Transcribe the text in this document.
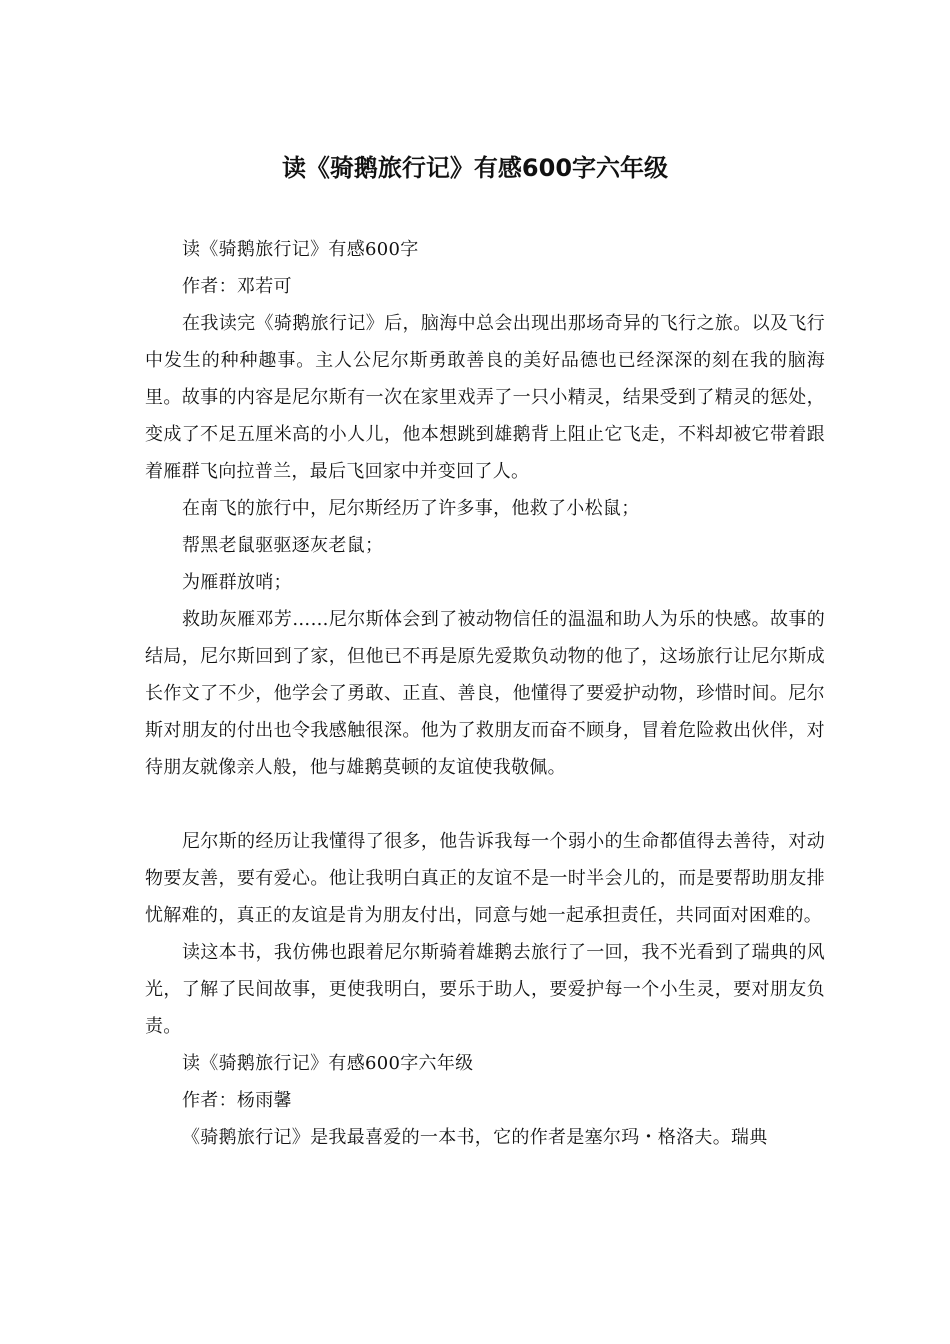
读《骑鹅旅行记》有感600字六年级

读《骑鹅旅行记》有感600字

作者：邓若可

在我读完《骑鹅旅行记》后，脑海中总会出现出那场奇异的飞行之旅。以及飞行中发生的种种趣事。主人公尼尔斯勇敢善良的美好品德也已经深深的刻在我的脑海里。故事的内容是尼尔斯有一次在家里戏弄了一只小精灵，结果受到了精灵的惩处，变成了不足五厘米高的小人儿，他本想跳到雄鹅背上阻止它飞走，不料却被它带着跟着雁群飞向拉普兰，最后飞回家中并变回了人。

在南飞的旅行中，尼尔斯经历了许多事，他救了小松鼠；

帮黑老鼠驱驱逐灰老鼠；

为雁群放哨；

救助灰雁邓芳……尼尔斯体会到了被动物信任的温温和助人为乐的快感。故事的结局，尼尔斯回到了家，但他已不再是原先爱欺负动物的他了，这场旅行让尼尔斯成长作文了不少，他学会了勇敢、正直、善良，他懂得了要爱护动物，珍惜时间。尼尔斯对朋友的付出也令我感触很深。他为了救朋友而奋不顾身，冒着危险救出伙伴，对待朋友就像亲人般，他与雄鹅莫顿的友谊使我敬佩。

尼尔斯的经历让我懂得了很多，他告诉我每一个弱小的生命都值得去善待，对动物要友善，要有爱心。他让我明白真正的友谊不是一时半会儿的，而是要帮助朋友排忧解难的，真正的友谊是肯为朋友付出，同意与她一起承担责任，共同面对困难的。

读这本书，我仿佛也跟着尼尔斯骑着雄鹅去旅行了一回，我不光看到了瑞典的风光，了解了民间故事，更使我明白，要乐于助人，要爱护每一个小生灵，要对朋友负责。

读《骑鹅旅行记》有感600字六年级

作者：杨雨馨

《骑鹅旅行记》是我最喜爱的一本书，它的作者是塞尔玛・格洛夫。瑞典
